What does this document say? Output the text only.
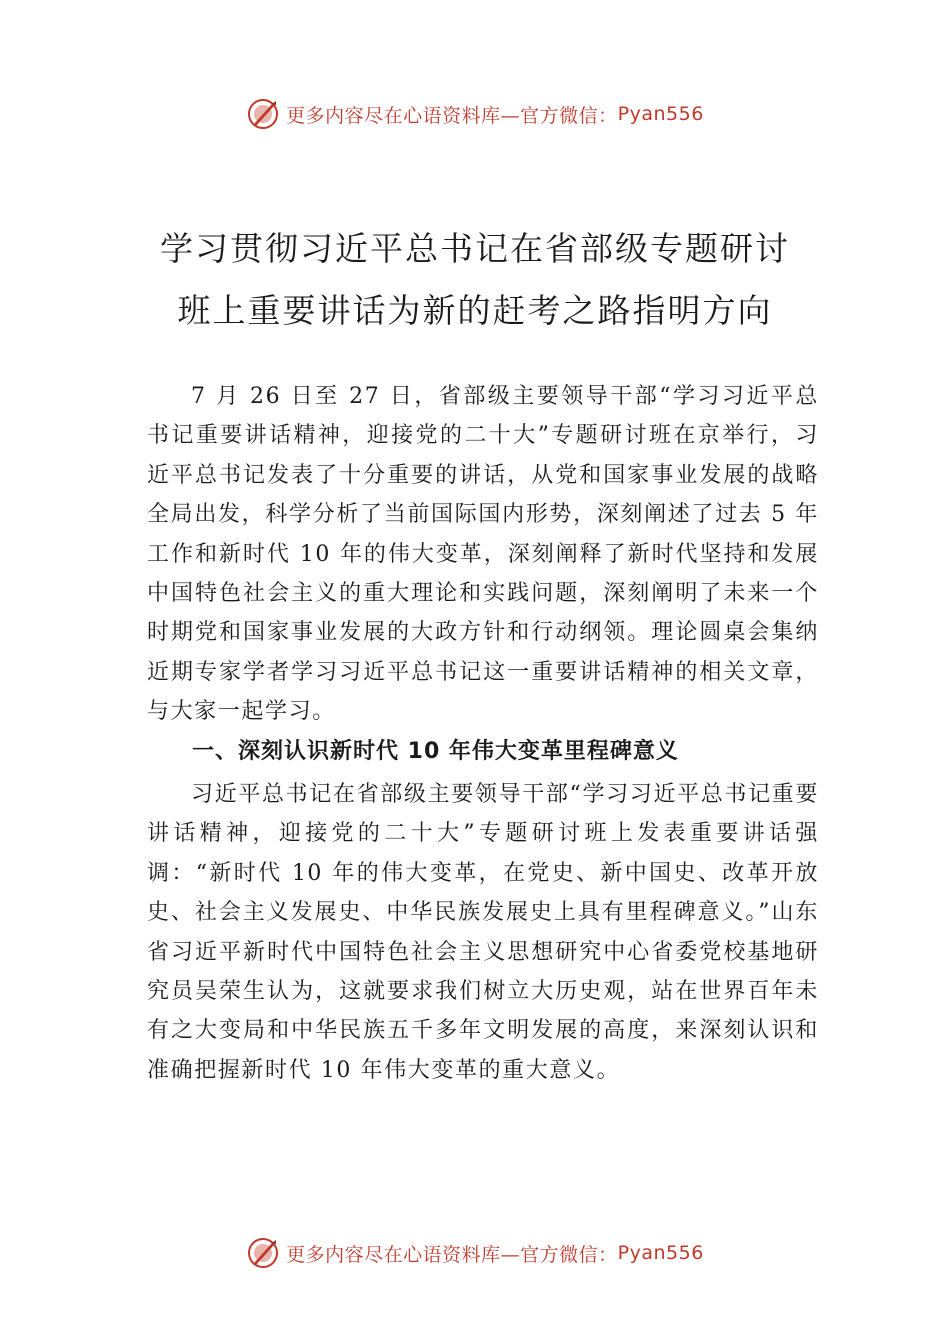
更多内容尽在心语资料库—官方微信： Pyan556
学习贯彻习近平总书记在省部级专题研讨
班上重要讲话为新的赶考之路指明方向

7 月 26 日至 27 日，省部级主要领导干部“学习习近平总书记重要讲话精神，迎接党的二十大”专题研讨班在京举行，习近平总书记发表了十分重要的讲话，从党和国家事业发展的战略全局出发，科学分析了当前国际国内形势，深刻阐述了过去 5 年工作和新时代 10 年的伟大变革，深刻阐释了新时代坚持和发展中国特色社会主义的重大理论和实践问题，深刻阐明了未来一个时期党和国家事业发展的大政方针和行动纲领。理论圆桌会集纳近期专家学者学习习近平总书记这一重要讲话精神的相关文章，与大家一起学习。

一、深刻认识新时代 10 年伟大变革里程碑意义

习近平总书记在省部级主要领导干部“学习习近平总书记重要讲话精神，迎接党的二十大”专题研讨班上发表重要讲话强调：“新时代 10 年的伟大变革，在党史、新中国史、改革开放史、社会主义发展史、中华民族发展史上具有里程碑意义。”山东省习近平新时代中国特色社会主义思想研究中心省委党校基地研究员吴荣生认为，这就要求我们树立大历史观，站在世界百年未有之大变局和中华民族五千多年文明发展的高度，来深刻认识和准确把握新时代 10 年伟大变革的重大意义。

更多内容尽在心语资料库—官方微信： Pyan556
